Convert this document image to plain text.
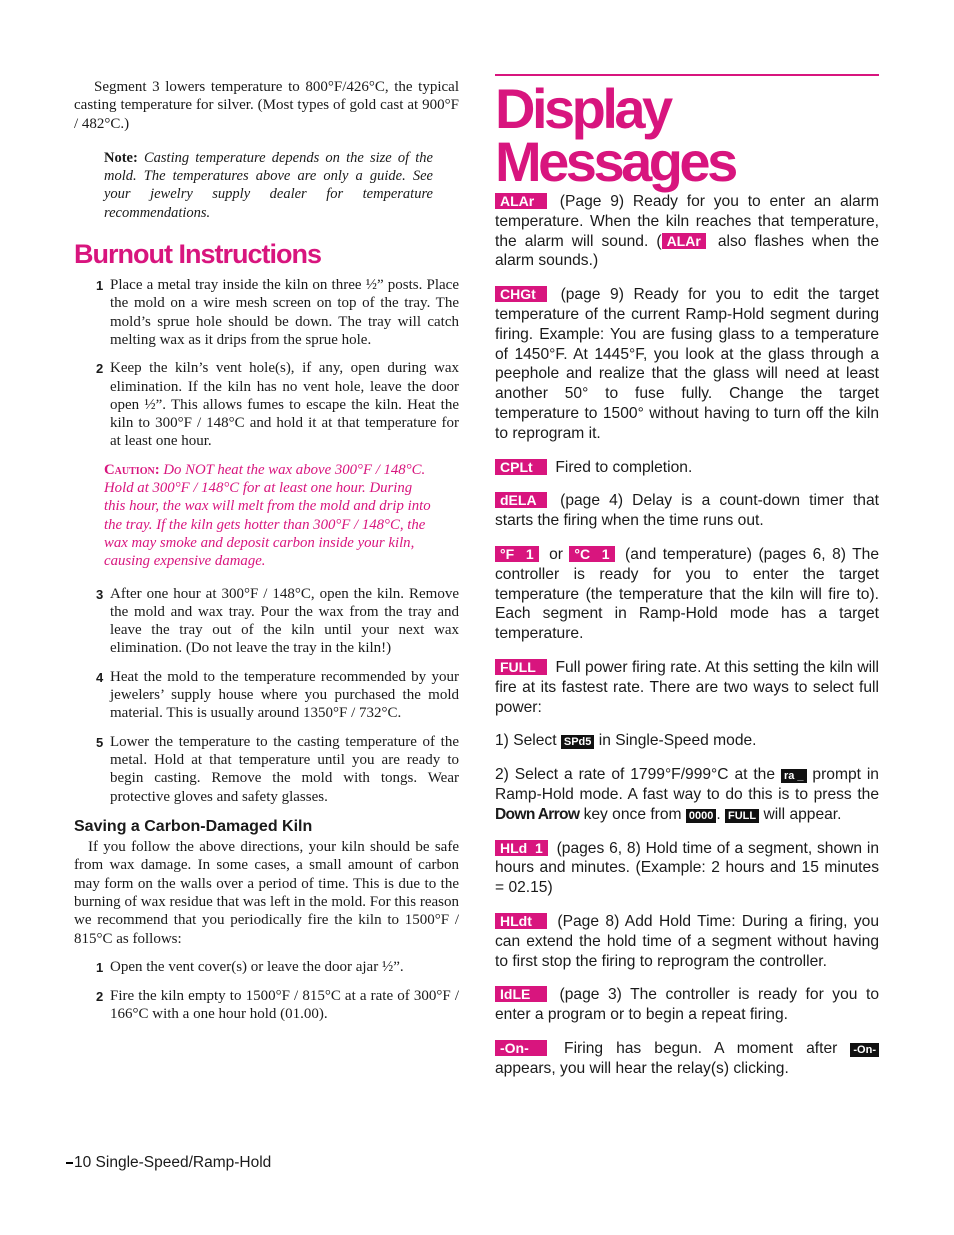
Segment 3 lowers temperature to 800°F/426°C, the typical casting temperature for silver. (Most types of gold cast at 900°F / 482°C.)

Note: Casting temperature depends on the size of the mold. The temperatures above are only a guide. See your jewelry supply dealer for temperature recommendations.

Burnout Instructions
1 Place a metal tray inside the kiln on three ½” posts. Place the mold on a wire mesh screen on top of the tray. The mold’s sprue hole should be down. The tray will catch melting wax as it drips from the sprue hole.
2 Keep the kiln’s vent hole(s), if any, open during wax elimination. If the kiln has no vent hole, leave the door open ½”. This allows fumes to escape the kiln. Heat the kiln to 300°F / 148°C and hold it at that temperature for at least one hour.

Caution: Do NOT heat the wax above 300°F / 148°C. Hold at 300°F / 148°C for at least one hour. During this hour, the wax will melt from the mold and drip into the tray. If the kiln gets hotter than 300°F / 148°C, the wax may smoke and deposit carbon inside your kiln, causing expensive damage.

3 After one hour at 300°F / 148°C, open the kiln. Remove the mold and wax tray. Pour the wax from the tray and leave the tray out of the kiln until your next wax elimination. (Do not leave the tray in the kiln!)
4 Heat the mold to the temperature recommended by your jewelers’ supply house where you purchased the mold material. This is usually around 1350°F / 732°C.
5 Lower the temperature to the casting temperature of the metal. Hold at that temperature until you are ready to begin casting. Remove the mold with tongs. Wear protective gloves and safety glasses.
Saving a Carbon-Damaged Kiln

If you follow the above directions, your kiln should be safe from wax damage. In some cases, a small amount of carbon may form on the walls over a period of time. This is due to the burning of wax residue that was left in the mold. For this reason we recommend that you periodically fire the kiln to 1500°F / 815°C as follows:

1 Open the vent cover(s) or leave the door ajar ½”.
2 Fire the kiln empty to 1500°F / 815°C at a rate of 300°F / 166°C with a one hour hold (01.00).
Display
Messages

ALAr (Page 9) Ready for you to enter an alarm temperature. When the kiln reaches that temperature, the alarm will sound. ( ALAr also flashes when the alarm sounds.)

CHGt (page 9) Ready for you to edit the target temperature of the current Ramp-Hold segment during firing. Example: You are fusing glass to a temperature of 1450°F. At 1445°F, you look at the glass through a peephole and realize that the glass will need at least another 50° to fuse fully. Change the target temperature to 1500° without having to turn off the kiln to reprogram it.

CPLt Fired to completion.

dELA (page 4) Delay is a count-down timer that starts the firing when the time runs out.

°F   1 or °C   1 (and temperature) (pages 6, 8) The controller is ready for you to enter the target temperature (the temperature that the kiln will fire to). Each segment in Ramp-Hold mode has a target temperature.

FULL Full power firing rate. At this setting the kiln will fire at its fastest rate. There are two ways to select full power:

1) Select SPd5 in Single-Speed mode.

2) Select a rate of 1799°F/999°C at the ra _ prompt in Ramp-Hold mode. A fast way to do this is to press the Down Arrow key once from 0000 . FULL will appear.

HLd  1 (pages 6, 8) Hold time of a segment, shown in hours and minutes. (Example: 2 hours and 15 minutes = 02.15)

HLdt (Page 8) Add Hold Time: During a firing, you can extend the hold time of a segment without having to first stop the firing to reprogram the controller.

IdLE (page 3) The controller is ready for you to enter a program or to begin a repeat firing.

-On- Firing has begun. A moment after -On- appears, you will hear the relay(s) clicking.

10 Single-Speed/Ramp-Hold
